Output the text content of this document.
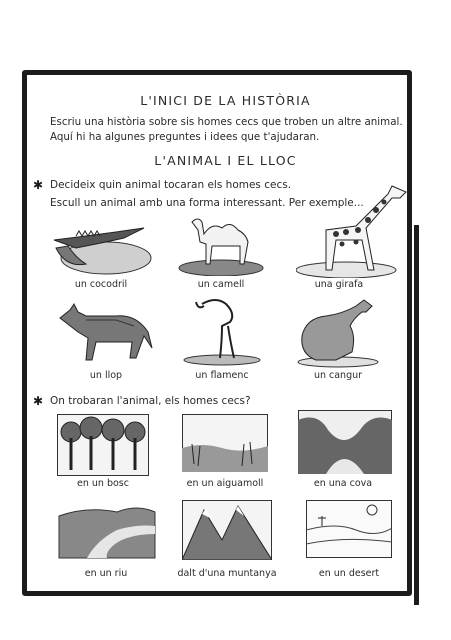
L'INICI DE LA HISTÒRIA
Escriu una història sobre sis homes cecs que troben un altre animal.
Aquí hi ha algunes preguntes i idees que t'ajudaran.
L'ANIMAL I EL LLOC
✱ Decideix quin animal tocaran els homes cecs.
Escull un animal amb una forma interessant. Per exemple...
un cocodril	un camell	una girafa
un llop	un flamenc	un cangur
✱ On trobaran l'animal, els homes cecs?
en un bosc	en un aiguamoll	en una cova
en un riu	dalt d'una muntanya	en un desert
